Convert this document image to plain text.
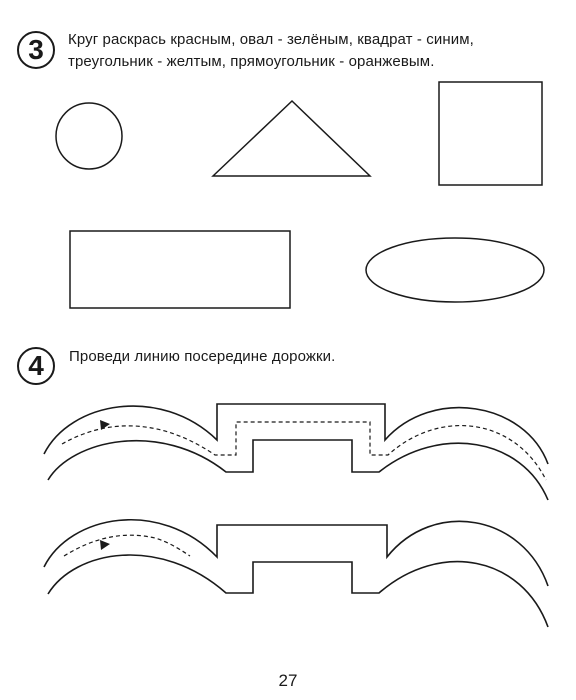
3 Круг раскрась красным, овал - зелёным, квадрат - синим,
треугольник - желтым, прямоугольник - оранжевым.
4 Проведи линию посередине дорожки.
27
